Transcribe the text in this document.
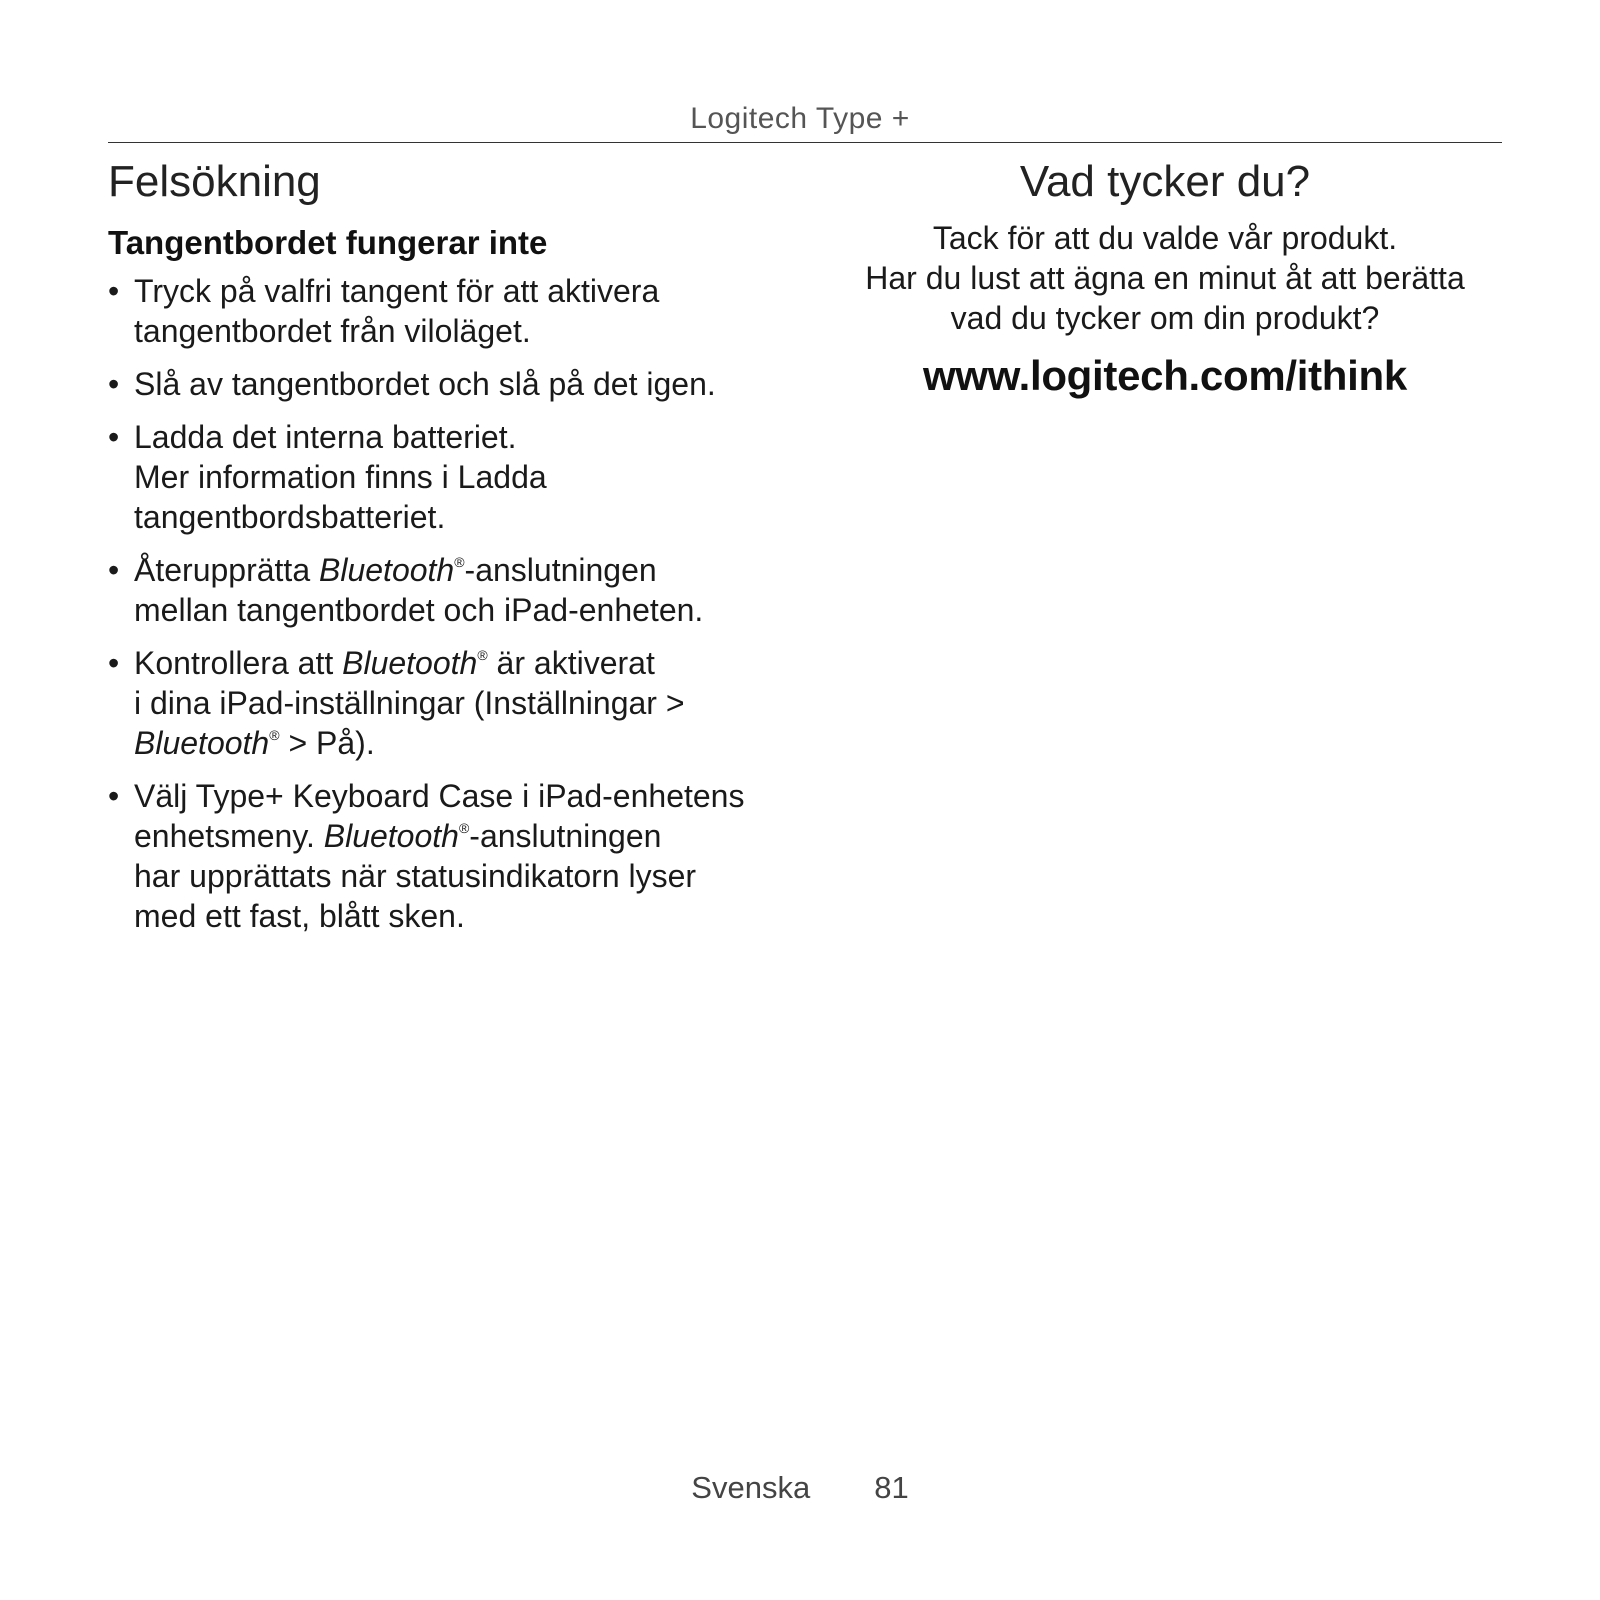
Logitech Type +
Felsökning
Tangentbordet fungerar inte
• Tryck på valfri tangent för att aktivera
tangentbordet från viloläget.
• Slå av tangentbordet och slå på det igen.
• Ladda det interna batteriet.
Mer information finns i Ladda
tangentbordsbatteriet.
• Återupprätta Bluetooth®-anslutningen
mellan tangentbordet och iPad-enheten.
• Kontrollera att Bluetooth® är aktiverat
i dina iPad-inställningar (Inställningar >
Bluetooth® > På).
• Välj Type+ Keyboard Case i iPad-enhetens
enhetsmeny. Bluetooth®-anslutningen
har upprättats när statusindikatorn lyser
med ett fast, blått sken.
Vad tycker du?

Tack för att du valde vår produkt.
Har du lust att ägna en minut åt att berätta
vad du tycker om din produkt?

www.logitech.com/ithink
Svenska 81
